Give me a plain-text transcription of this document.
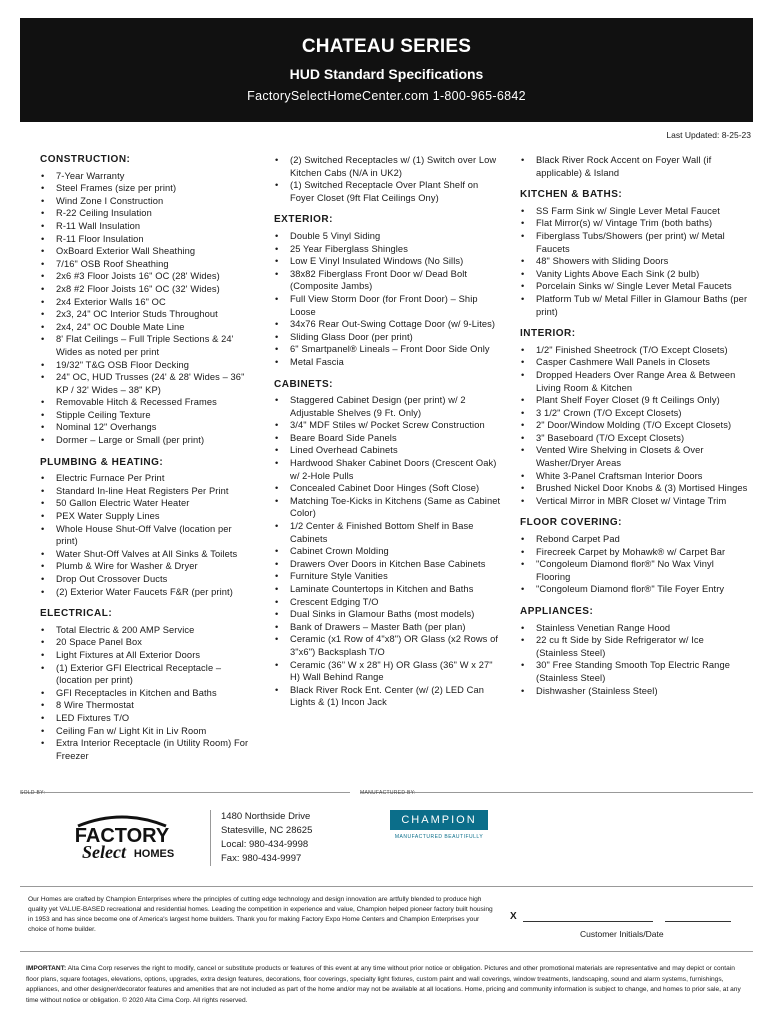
CHATEAU SERIES
HUD Standard Specifications
FactorySelectHomeCenter.com 1-800-965-6842
Last Updated: 8-25-23
CONSTRUCTION:
• 7-Year Warranty
• Steel Frames (size per print)
• Wind Zone I Construction
• R-22 Ceiling Insulation
• R-11 Wall Insulation
• R-11 Floor Insulation
• OxBoard Exterior Wall Sheathing
• 7/16" OSB Roof Sheathing
• 2x6 #3 Floor Joists 16" OC (28' Wides)
• 2x8 #2 Floor Joists 16" OC (32' Wides)
• 2x4 Exterior Walls 16" OC
• 2x3, 24" OC Interior Studs Throughout
• 2x4, 24" OC Double Mate Line
• 8' Flat Ceilings – Full Triple Sections & 24' Wides as noted per print
• 19/32" T&G OSB Floor Decking
• 24" OC, HUD Trusses (24' & 28' Wides – 36" KP / 32' Wides – 38" KP)
• Removable Hitch & Recessed Frames
• Stipple Ceiling Texture
• Nominal 12" Overhangs
• Dormer – Large or Small (per print)
PLUMBING & HEATING:
• Electric Furnace Per Print
• Standard In-line Heat Registers Per Print
• 50 Gallon Electric Water Heater
• PEX Water Supply Lines
• Whole House Shut-Off Valve (location per print)
• Water Shut-Off Valves at All Sinks & Toilets
• Plumb & Wire for Washer & Dryer
• Drop Out Crossover Ducts
• (2) Exterior Water Faucets F&R (per print)
ELECTRICAL:
• Total Electric & 200 AMP Service
• 20 Space Panel Box
• Light Fixtures at All Exterior Doors
• (1) Exterior GFI Electrical Receptacle – (location per print)
• GFI Receptacles in Kitchen and Baths
• 8 Wire Thermostat
• LED Fixtures T/O
• Ceiling Fan w/ Light Kit in Liv Room
• Extra Interior Receptacle (in Utility Room) For Freezer
• (2) Switched Receptacles w/ (1) Switch over Low Kitchen Cabs (N/A in UK2)
• (1) Switched Receptacle Over Plant Shelf on Foyer Closet (9ft Flat Ceilings Ony)
EXTERIOR:
• Double 5 Vinyl Siding
• 25 Year Fiberglass Shingles
• Low E Vinyl Insulated Windows (No Sills)
• 38x82 Fiberglass Front Door w/ Dead Bolt (Composite Jambs)
• Full View Storm Door (for Front Door) – Ship Loose
• 34x76 Rear Out-Swing Cottage Door (w/ 9-Lites)
• Sliding Glass Door (per print)
• 6" Smartpanel® Lineals – Front Door Side Only
• Metal Fascia
CABINETS:
• Staggered Cabinet Design (per print) w/ 2 Adjustable Shelves (9 Ft. Only)
• 3/4" MDF Stiles w/ Pocket Screw Construction
• Beare Board Side Panels
• Lined Overhead Cabinets
• Hardwood Shaker Cabinet Doors (Crescent Oak) w/ 2-Hole Pulls
• Concealed Cabinet Door Hinges (Soft Close)
• Matching Toe-Kicks in Kitchens (Same as Cabinet Color)
• 1/2 Center & Finished Bottom Shelf in Base Cabinets
• Cabinet Crown Molding
• Drawers Over Doors in Kitchen Base Cabinets
• Furniture Style Vanities
• Laminate Countertops in Kitchen and Baths
• Crescent Edging T/O
• Dual Sinks in Glamour Baths (most models)
• Bank of Drawers – Master Bath (per plan)
• Ceramic (x1 Row of 4"x8") OR Glass (x2 Rows of 3"x6") Backsplash T/O
• Ceramic (36" W x 28" H) OR Glass (36" W x 27" H) Wall Behind Range
• Black River Rock Ent. Center (w/ (2) LED Can Lights & (1) Incon Jack
• Black River Rock Accent on Foyer Wall (if applicable) & Island
KITCHEN & BATHS:
• SS Farm Sink w/ Single Lever Metal Faucet
• Flat Mirror(s) w/ Vintage Trim (both baths)
• Fiberglass Tubs/Showers (per print) w/ Metal Faucets
• 48" Showers with Sliding Doors
• Vanity Lights Above Each Sink (2 bulb)
• Porcelain Sinks w/ Single Lever Metal Faucets
• Platform Tub w/ Metal Filler in Glamour Baths (per print)
INTERIOR:
• 1/2" Finished Sheetrock (T/O Except Closets)
• Casper Cashmere Wall Panels in Closets
• Dropped Headers Over Range Area & Between Living Room & Kitchen
• Plant Shelf Foyer Closet (9 ft Ceilings Only)
• 3 1/2" Crown (T/O Except Closets)
• 2" Door/Window Molding (T/O Except Closets)
• 3" Baseboard (T/O Except Closets)
• Vented Wire Shelving in Closets & Over Washer/Dryer Areas
• White 3-Panel Craftsman Interior Doors
• Brushed Nickel Door Knobs & (3) Mortised Hinges
• Vertical Mirror in MBR Closet w/ Vintage Trim
FLOOR COVERING:
• Rebond Carpet Pad
• Firecreek Carpet by Mohawk® w/ Carpet Bar
• "Congoleum Diamond flor®" No Wax Vinyl Flooring
• "Congoleum Diamond flor®" Tile Foyer Entry
APPLIANCES:
• Stainless Venetian Range Hood
• 22 cu ft Side by Side Refrigerator w/ Ice (Stainless Steel)
• 30" Free Standing Smooth Top Electric Range (Stainless Steel)
• Dishwasher (Stainless Steel)
SOLD BY:	MANUFACTURED BY:
FACTORY
Select HOMES
1480 Northside Drive
Statesville, NC 28625
Local: 980-434-9998
Fax: 980-434-9997
CHAMPION
MANUFACTURED BEAUTIFULLY
Our Homes are crafted by Champion Enterprises where the principles of cutting edge technology and design innovation are artfully blended to produce high quality yet VALUE-BASED recreational and residential homes. Leading the competition in experience and value, Champion helped pioneer factory built housing in 1953 and has since become one of America's largest home builders. Thank you for making Factory Expo Home Centers and Champion Enterprises your choice of home builder.
X
Customer Initials/Date
IMPORTANT: Alta Cima Corp reserves the right to modify, cancel or substitute products or features of this event at any time without prior notice or obligation. Pictures and other promotional materials are representative and may depict or contain floor plans, square footages, elevations, options, upgrades, extra design features, decorations, floor coverings, specialty light fixtures, custom paint and wall coverings, window treatments, landscaping, sound and alarm systems, furnishings, appliances, and other designer/decorator features and amenities that are not included as part of the home and/or may not be available at all locations. Home, pricing and community information is subject to change, and homes to prior sale, at any time without notice or obligation. © 2020 Alta Cima Corp. All rights reserved.
